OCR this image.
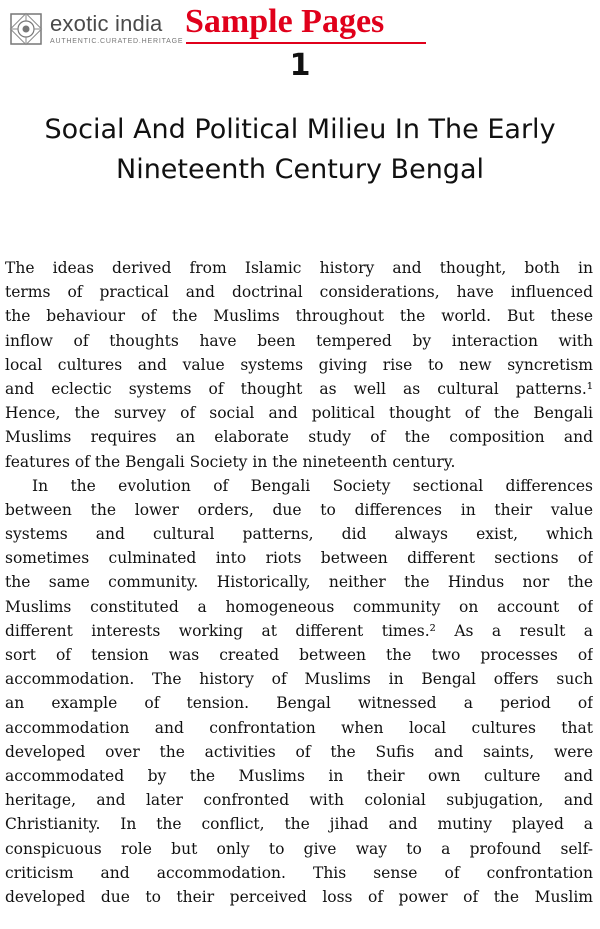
exotic india
AUTHENTIC.CURATED.HERITAGE
Sample Pages
1
Social And Political Milieu In The Early
Nineteenth Century Bengal
The ideas derived from Islamic history and thought, both in
terms of practical and doctrinal considerations, have influenced
the behaviour of the Muslims throughout the world. But these
inflow of thoughts have been tempered by interaction with
local cultures and value systems giving rise to new syncretism
and eclectic systems of thought as well as cultural patterns.¹
Hence, the survey of social and political thought of the Bengali
Muslims requires an elaborate study of the composition and
features of the Bengali Society in the nineteenth century.
In the evolution of Bengali Society sectional differences
between the lower orders, due to differences in their value
systems and cultural patterns, did always exist, which
sometimes culminated into riots between different sections of
the same community. Historically, neither the Hindus nor the
Muslims constituted a homogeneous community on account of
different interests working at different times.² As a result a
sort of tension was created between the two processes of
accommodation. The history of Muslims in Bengal offers such
an example of tension. Bengal witnessed a period of
accommodation and confrontation when local cultures that
developed over the activities of the Sufis and saints, were
accommodated by the Muslims in their own culture and
heritage, and later confronted with colonial subjugation, and
Christianity. In the conflict, the jihad and mutiny played a
conspicuous role but only to give way to a profound self-
criticism and accommodation. This sense of confrontation
developed due to their perceived loss of power of the Muslim
